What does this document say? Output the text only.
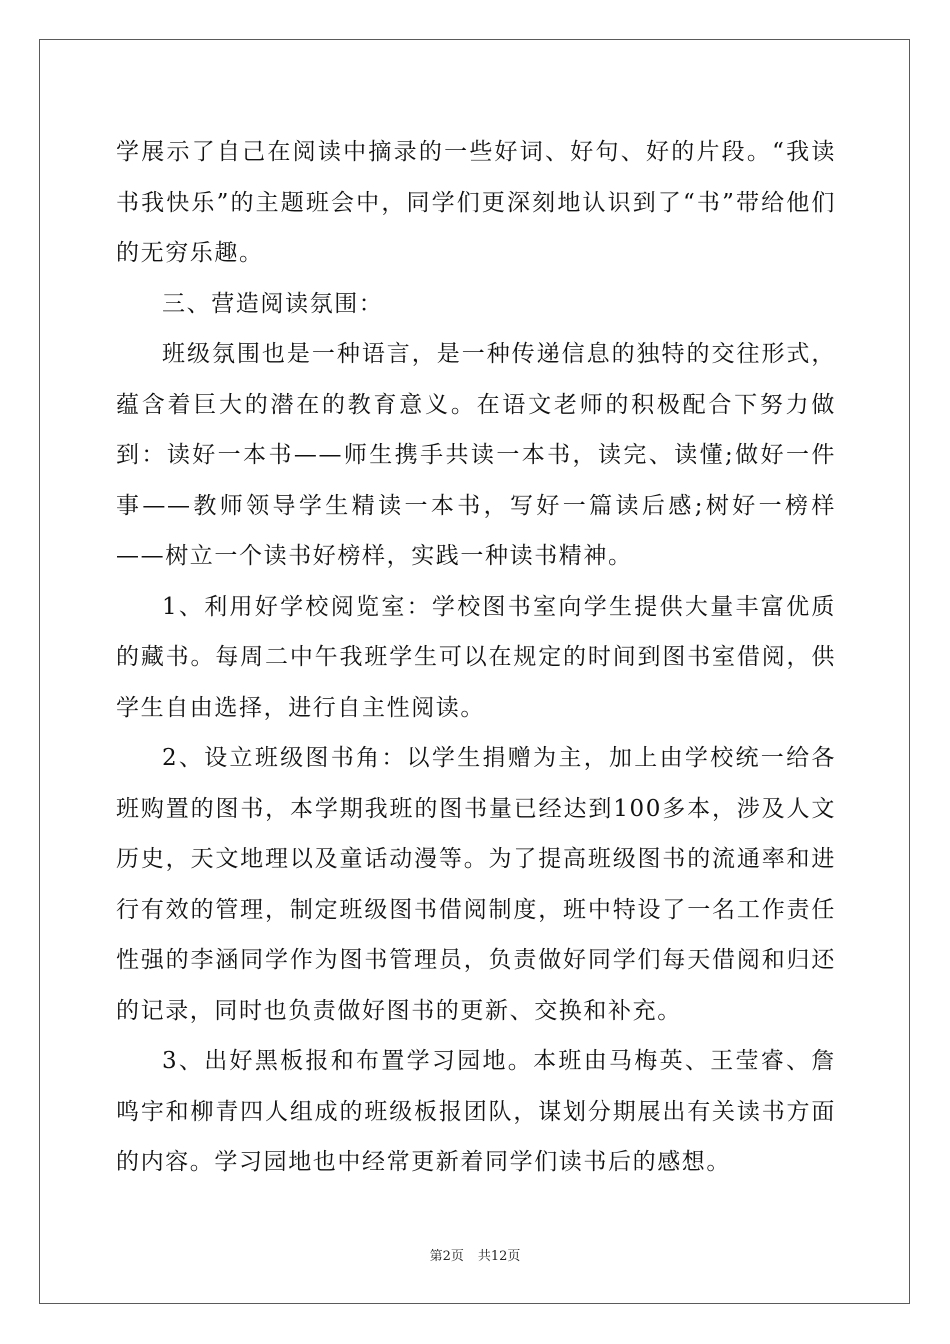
学展示了自己在阅读中摘录的一些好词、好句、好的片段。“我读书我快乐”的主题班会中，同学们更深刻地认识到了“书”带给他们的无穷乐趣。

三、营造阅读氛围：

班级氛围也是一种语言，是一种传递信息的独特的交往形式，蕴含着巨大的潜在的教育意义。在语文老师的积极配合下努力做到：读好一本书——师生携手共读一本书，读完、读懂;做好一件事——教师领导学生精读一本书，写好一篇读后感;树好一榜样——树立一个读书好榜样，实践一种读书精神。

1、利用好学校阅览室：学校图书室向学生提供大量丰富优质的藏书。每周二中午我班学生可以在规定的时间到图书室借阅，供学生自由选择，进行自主性阅读。

2、设立班级图书角：以学生捐赠为主，加上由学校统一给各班购置的图书，本学期我班的图书量已经达到100多本，涉及人文历史，天文地理以及童话动漫等。为了提高班级图书的流通率和进行有效的管理，制定班级图书借阅制度，班中特设了一名工作责任性强的李涵同学作为图书管理员，负责做好同学们每天借阅和归还的记录，同时也负责做好图书的更新、交换和补充。

3、出好黑板报和布置学习园地。本班由马梅英、王莹睿、詹鸣宇和柳青四人组成的班级板报团队，谋划分期展出有关读书方面的内容。学习园地也中经常更新着同学们读书后的感想。

第2页 共12页
